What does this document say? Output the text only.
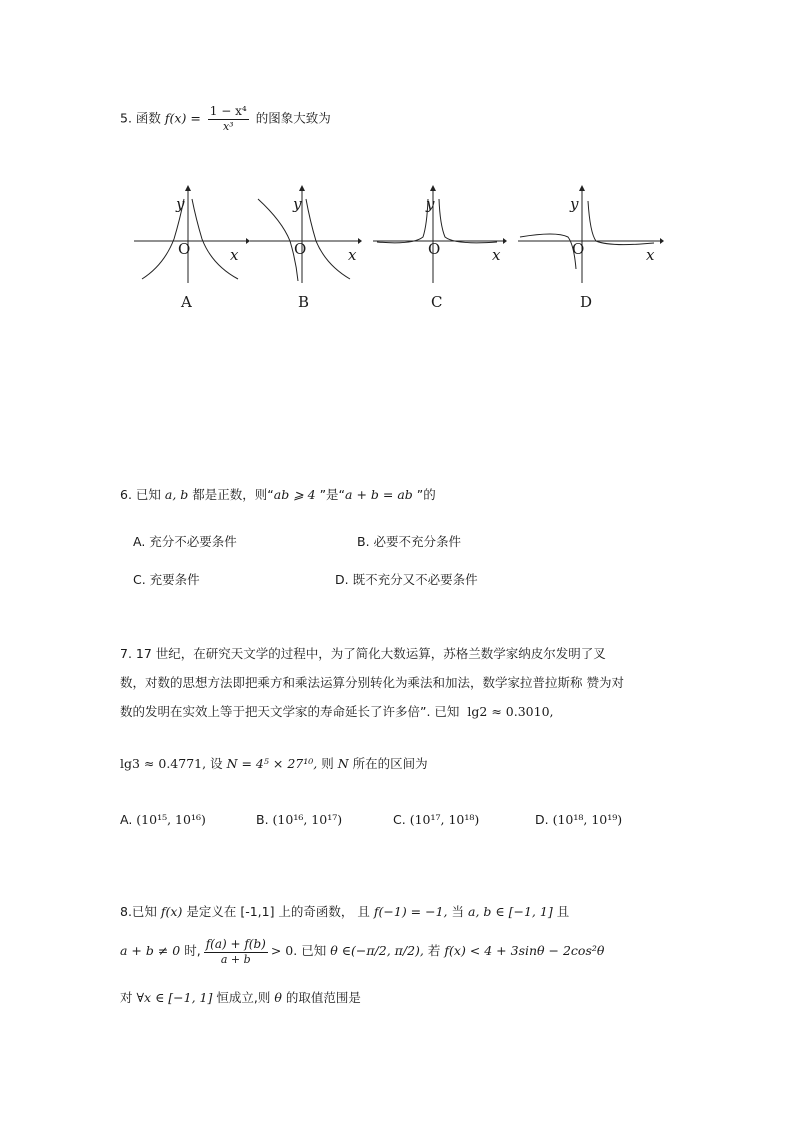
5. 函数 $f(x) = \frac{\text{1 − x⁴}}{\text{x³}}$ 的图象大致为
y
O	x
A
y
O	x
B
y
O	x
C
y
O	x
D
6. 已知 a, b 都是正数，则“ab ⩾ 4 ”是“a + b = ab ”的
A. 充分不必要条件	B. 必要不充分条件
C. 充要条件	D. 既不充分又不必要条件
7. 17 世纪，在研究天文学的过程中，为了简化大数运算，苏格兰数学家纳皮尔发明了叉
数，对数的思想方法即把乘方和乘法运算分别转化为乘法和加法，数学家拉普拉斯称 赞为对
数的发明在实效上等于把天文学家的寿命延长了许多倍”. 已知 lg2 ≈ 0.3010,
lg3 ≈ 0.4771, 设 N = 4⁵ × 27¹⁰, 则 N 所在的区间为
A. (10¹⁵, 10¹⁶)	B. (10¹⁶, 10¹⁷)	C. (10¹⁷, 10¹⁸)	D. (10¹⁸, 10¹⁹)
8.已知 f(x) 是定义在 [-1,1] 上的奇函数， 且 f(−1) = −1, 当 a, b ∈ [−1, 1] 且
a + b ≠ 0 时, $\frac{f(a) + f(b)}{a + b} > 0$. 已知 θ ∈(−π/2, π/2), 若 f(x) < 4 + 3sinθ − 2cos²θ
对 ∀x ∈ [−1, 1] 恒成立,则 θ 的取值范围是
